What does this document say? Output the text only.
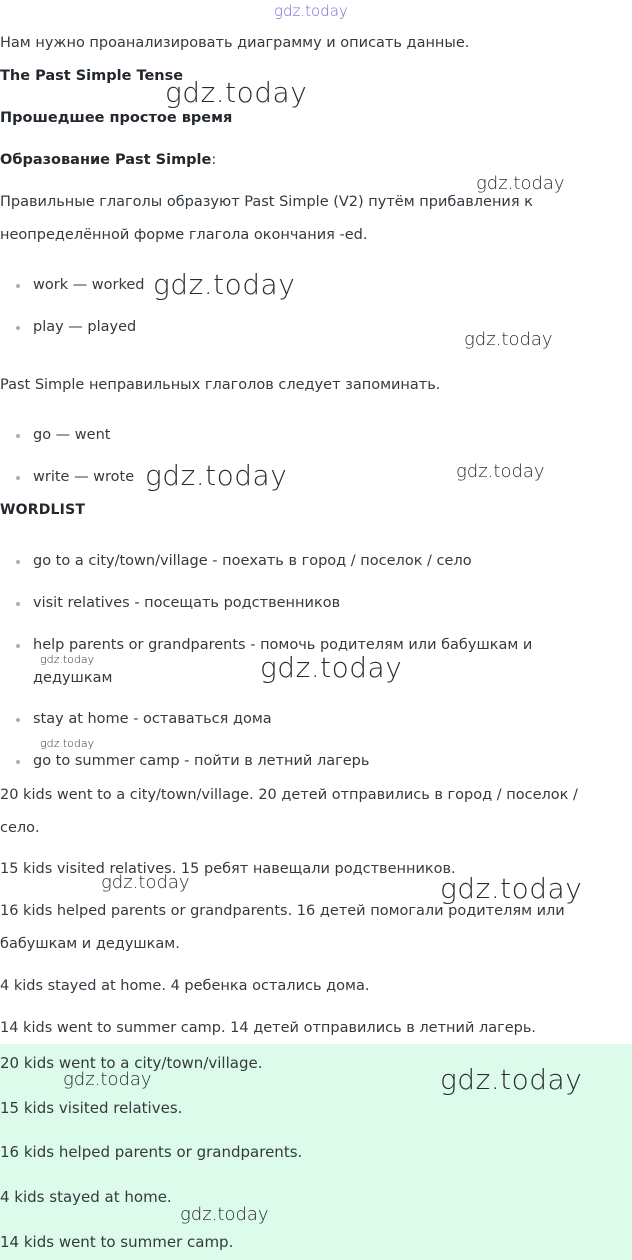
gdz.today
Нам нужно проанализировать диаграмму и описать данные.
The Past Simple Tense
Прошедшее простое время
Образование Past Simple:
Правильные глаголы образуют Past Simple (V2) путём прибавления к
неопределённой форме глагола окончания -ed.
work — worked
play — played
Past Simple неправильных глаголов следует запоминать.
go — went
write — wrote
WORDLIST
go to a city/town/village - поехать в город / поселок / село
visit relatives - посещать родственников
help parents or grandparents - помочь родителям или бабушкам и
дедушкам
stay at home - оставаться дома
go to summer camp - пойти в летний лагерь
20 kids went to a city/town/village. 20 детей отправились в город / поселок /
село.
15 kids visited relatives. 15 ребят навещали родственников.
16 kids helped parents or grandparents. 16 детей помогали родителям или
бабушкам и дедушкам.
4 kids stayed at home. 4 ребенка остались дома.
14 kids went to summer camp. 14 детей отправились в летний лагерь.
20 kids went to a city/town/village.
15 kids visited relatives.
16 kids helped parents or grandparents.
4 kids stayed at home.
14 kids went to summer camp.
gdz.today
gdz.today
gdz.today
gdz.today
gdz.today	gdz.today
gdz.today	gdz.today
gdz.today
gdz.today	gdz.today
gdz.today	gdz.today
gdz.today
